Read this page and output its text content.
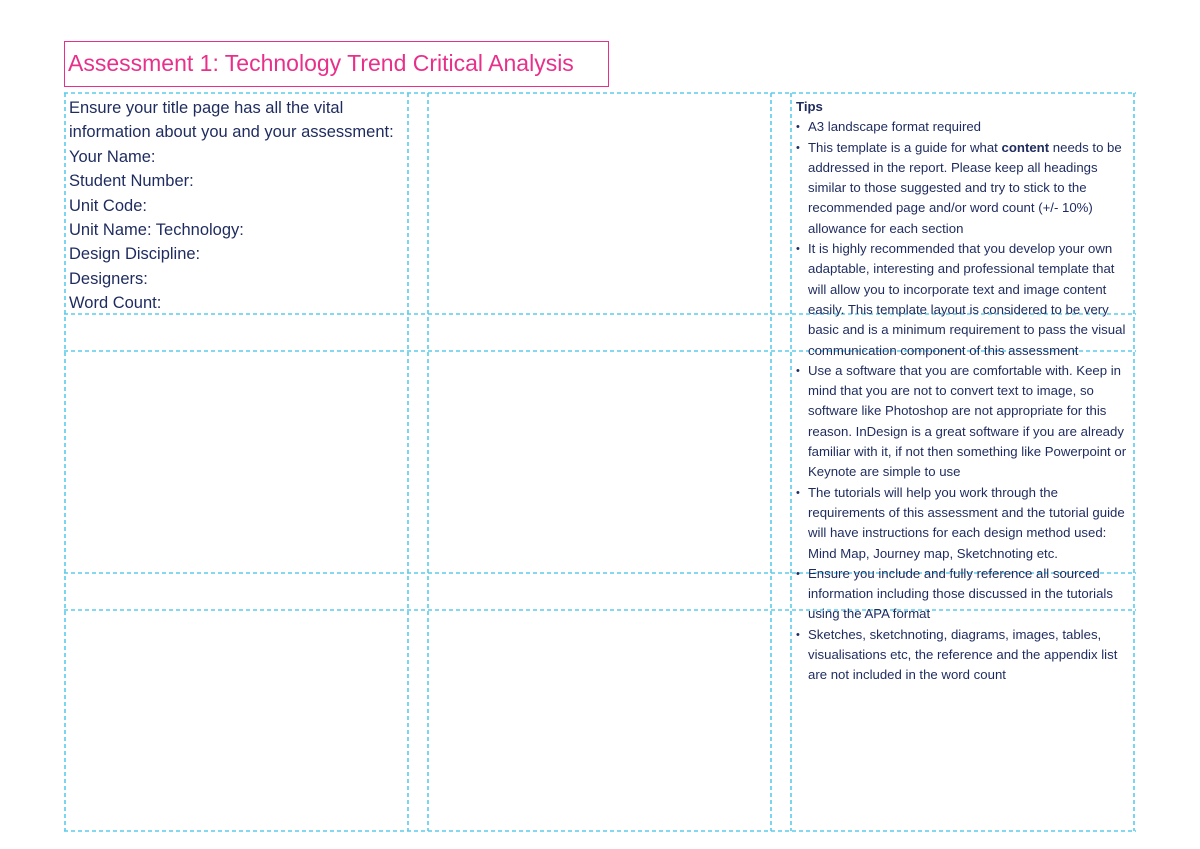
Assessment 1: Technology Trend Critical Analysis
Ensure your title page has all the vital
information about you and your assessment:
Your Name:
Student Number:
Unit Code:
Unit Name: Technology:
Design Discipline:
Designers:
Word Count:
Tips
• A3 landscape format required
• This template is a guide for what content needs to be addressed in the report. Please keep all headings similar to those suggested and try to stick to the recommended page and/or word count (+/- 10%) allowance for each section
• It is highly recommended that you develop your own adaptable, interesting and professional template that will allow you to incorporate text and image content easily. This template layout is considered to be very basic and is a minimum requirement to pass the visual communication component of this assessment
• Use a software that you are comfortable with. Keep in mind that you are not to convert text to image, so software like Photoshop are not appropriate for this reason. InDesign is a great software if you are already familiar with it, if not then something like Powerpoint or Keynote are simple to use
• The tutorials will help you work through the requirements of this assessment and the tutorial guide will have instructions for each design method used: Mind Map, Journey map, Sketchnoting etc.
• Ensure you include and fully reference all sourced information including those discussed in the tutorials using the APA format
• Sketches, sketchnoting, diagrams, images, tables, visualisations etc, the reference and the appendix list are not included in the word count
